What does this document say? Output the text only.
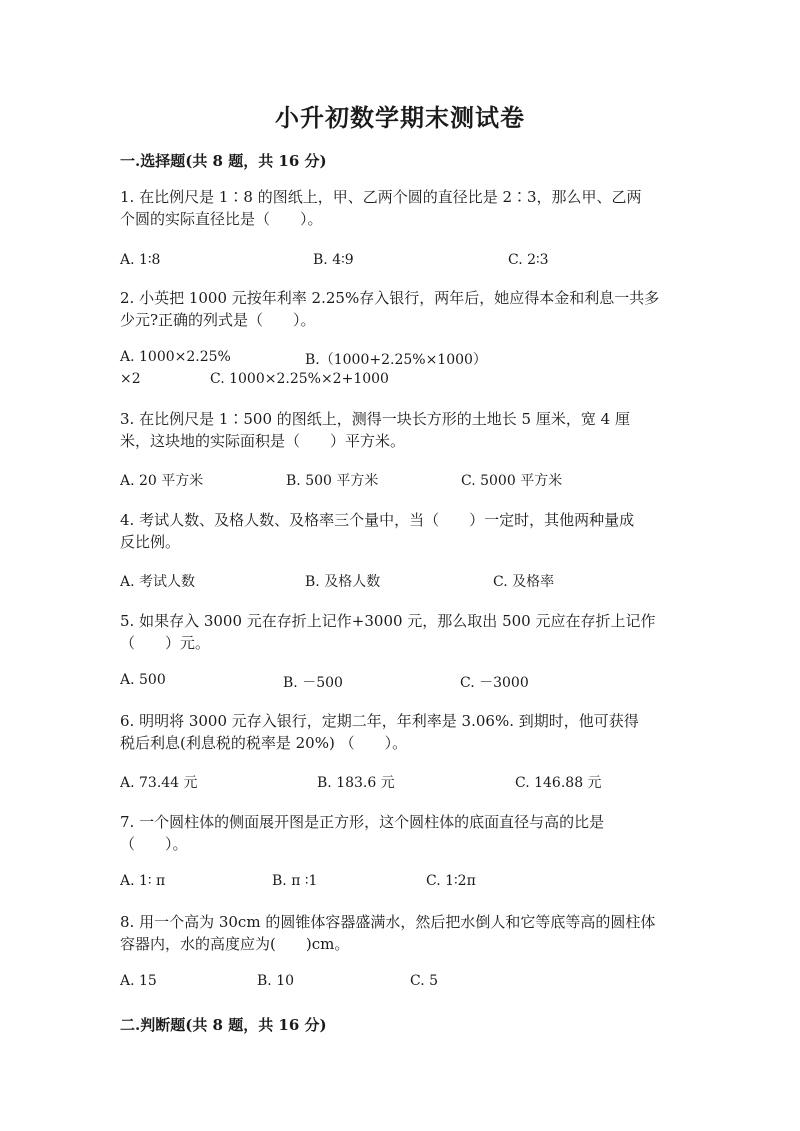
小升初数学期末测试卷
一.选择题(共 8 题，共 16 分)

1. 在比例尺是 1∶8 的图纸上，甲、乙两个圆的直径比是 2∶3，那么甲、乙两

个圆的实际直径比是（　　）。

A. 1∶8	B. 4∶9	C. 2∶3

2. 小英把 1000 元按年利率 2.25%存入银行，两年后，她应得本金和利息一共多

少元?正确的列式是（　　）。

A. 1000×2.25%	B.（1000+2.25%×1000）
×2	C. 1000×2.25%×2+1000

3. 在比例尺是 1∶500 的图纸上，测得一块长方形的土地长 5 厘米，宽 4 厘

米，这块地的实际面积是（　　）平方米。

A. 20 平方米	B. 500 平方米	C. 5000 平方米

4. 考试人数、及格人数、及格率三个量中，当（　　）一定时，其他两种量成

反比例。

A. 考试人数	B. 及格人数	C. 及格率

5. 如果存入 3000 元在存折上记作+3000 元，那么取出 500 元应在存折上记作

（　　）元。

A. 500	B. －500	C. －3000

6. 明明将 3000 元存入银行，定期二年，年利率是 3.06%. 到期时，他可获得

税后利息(利息税的税率是 20%) （　　）。

A. 73.44 元	B. 183.6 元	C. 146.88 元

7. 一个圆柱体的侧面展开图是正方形，这个圆柱体的底面直径与高的比是

（　　）。

A. 1∶ π	B. π ∶1	C. 1∶2π

8. 用一个高为 30cm 的圆锥体容器盛满水，然后把水倒人和它等底等高的圆柱体

容器内，水的高度应为(　　)cm。

A. 15	B. 10	C. 5
二.判断题(共 8 题，共 16 分)
